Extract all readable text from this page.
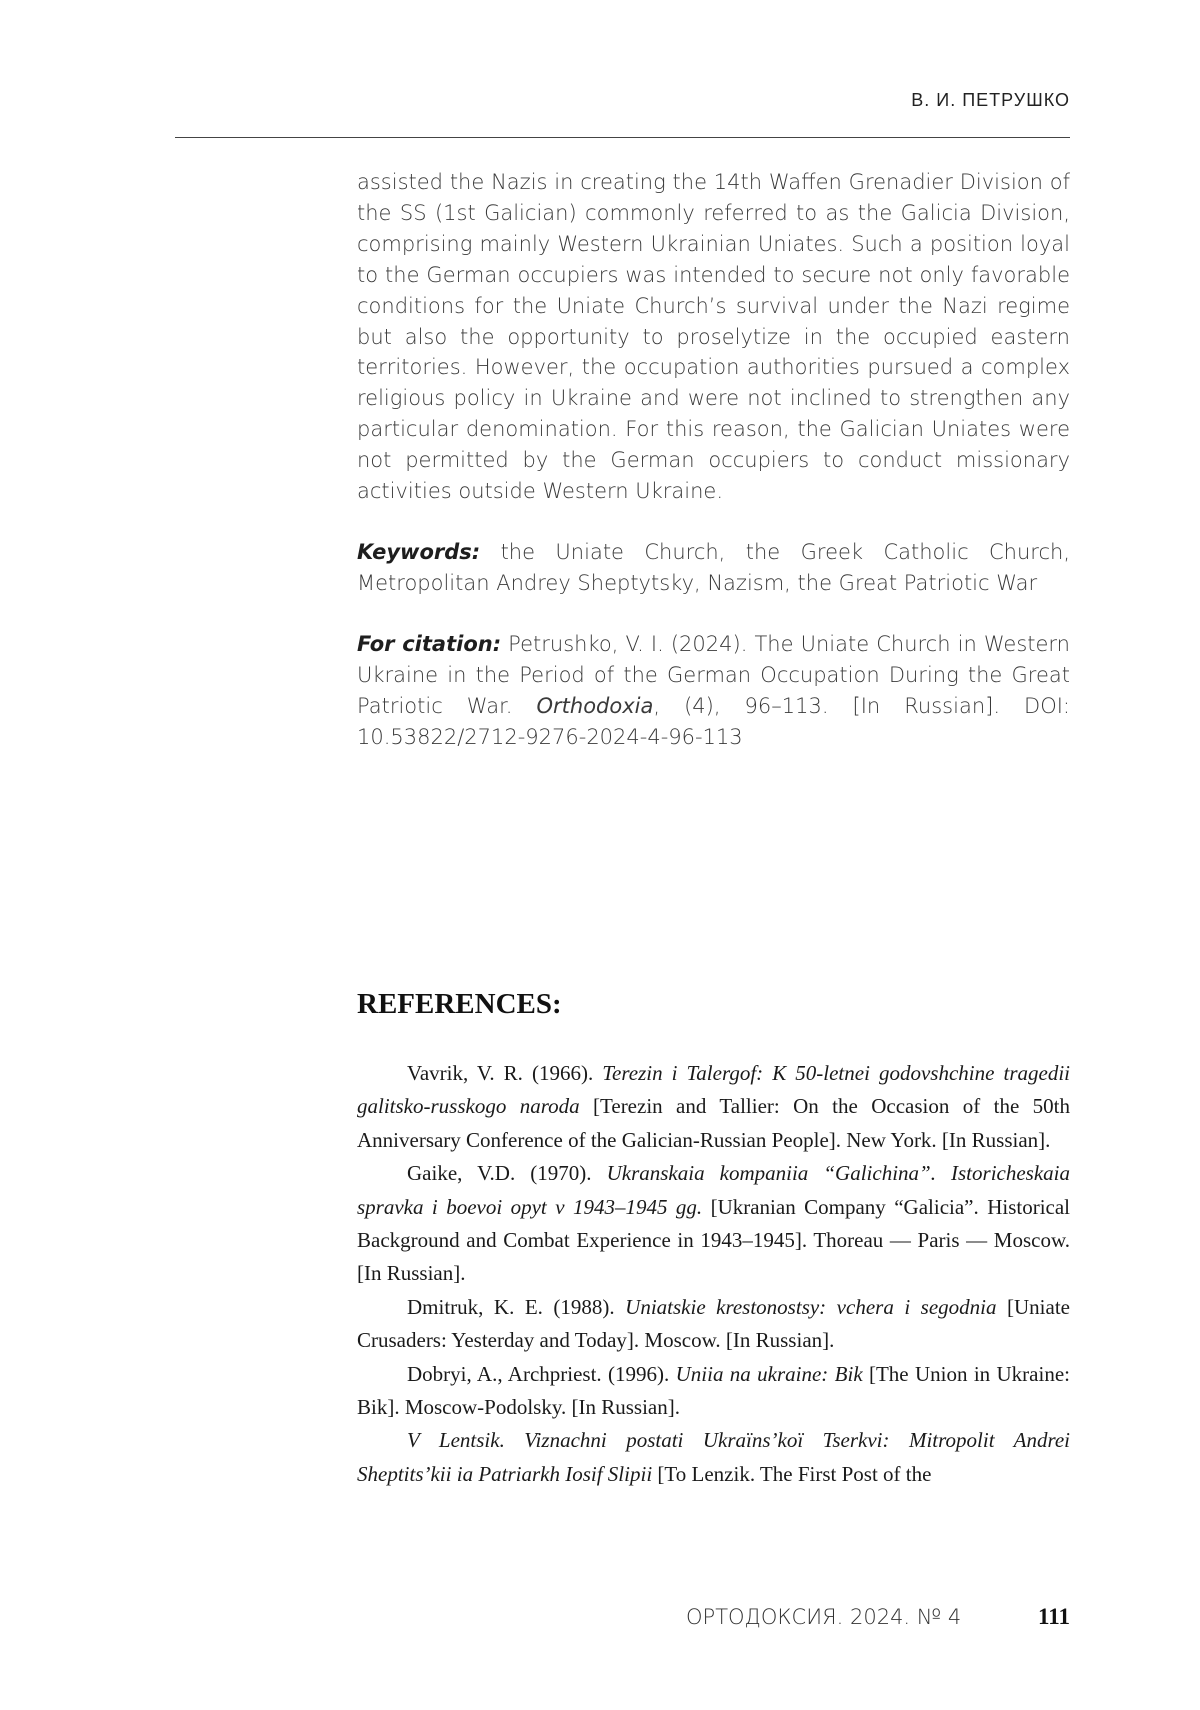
В. И. ПЕТРУШКО

assisted the Nazis in creating the 14th Waffen Grenadier Division of the SS (1st Galician) commonly referred to as the Galicia Division, comprising mainly Western Ukrainian Uniates. Such a position loyal to the German occupiers was intended to secure not only favorable conditions for the Uniate Church’s survival under the Nazi regime but also the opportunity to proselytize in the occupied eastern territories. However, the occupation authorities pursued a complex religious policy in Ukraine and were not inclined to strengthen any particular denomination. For this reason, the Galician Uniates were not permitted by the German occupiers to conduct missionary activities outside Western Ukraine.

Keywords: the Uniate Church, the Greek Catholic Church, Metropolitan Andrey Sheptytsky, Nazism, the Great Patriotic War

For citation: Petrushko, V. I. (2024). The Uniate Church in Western Ukraine in the Period of the German Occupation During the Great Patriotic War. Orthodoxia, (4), 96–113. [In Russian]. DOI: 10.53822/2712-9276-2024-4-96-113

REFERENCES:

Vavrik, V. R. (1966). Terezin i Talergof: K 50-letnei godovshchine tragedii galitsko-russkogo naroda [Terezin and Tallier: On the Occasion of the 50th Anniversary Conference of the Galician-Russian People]. New York. [In Russian].

Gaike, V.D. (1970). Ukranskaia kompaniia “Galichina”. Istoricheskaia spravka i boevoi opyt v 1943–1945 gg. [Ukranian Company “Galicia”. Historical Background and Combat Experience in 1943–1945]. Thoreau — Paris — Moscow. [In Russian].

Dmitruk, K. E. (1988). Uniatskie krestonostsy: vchera i segodnia [Uniate Crusaders: Yesterday and Today]. Moscow. [In Russian].

Dobryi, A., Archpriest. (1996). Uniia na ukraine: Bik [The Union in Ukraine: Bik]. Moscow-Podolsky. [In Russian].

V Lentsik. Viznachni postati Ukraïns’koï Tserkvi: Mitropolit Andrei Sheptits’kii ia Patriarkh Iosif Slipii [To Lenzik. The First Post of the

ОРТОДОКСИЯ. 2024. № 4	111
